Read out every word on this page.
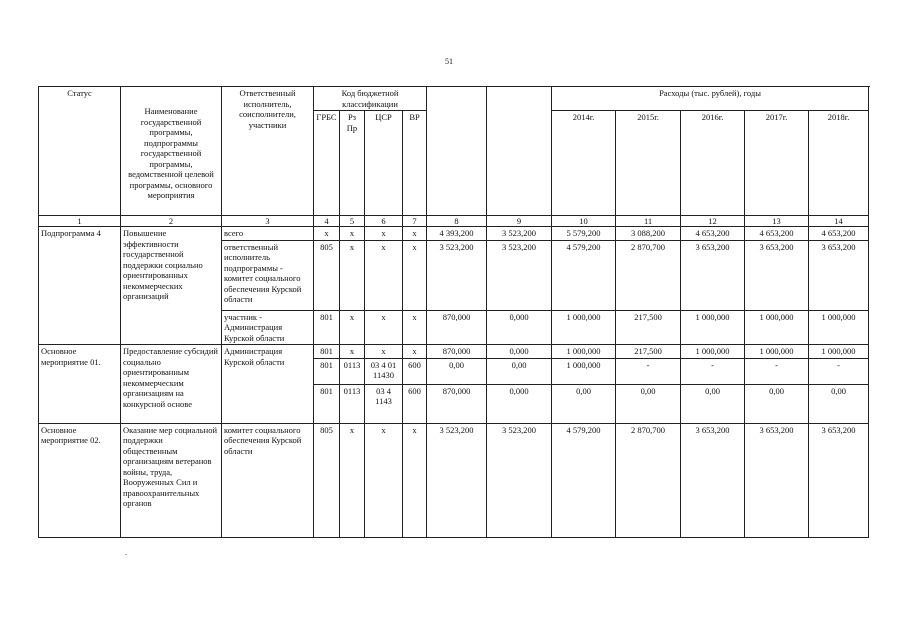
51
Статус	Наименование государственной программы, подпрограммы государственной программы, ведомственной целевой программы, основного мероприятия	Ответственный исполнитель, соисполнители, участники	Код бюджетной классификации						Расходы (тыс. рублей), годы					
			ГРБС	Рз Пр	ЦСР	ВР			2014г.	2015г.	2016г.	2017г.	2018г.		
1	2	3	4	5	6	7	8	9	10	11	12	13	14	
Подпрограмма 4	Повышение эффективности государственной поддержки социально ориентированных некоммерческих организаций	всего	х	х	х	х	4 393,200	3 523,200	5 579,200	3 088,200	4 653,200	4 653,200	4 653,200	
		ответственный исполнитель подпрограммы - комитет социального обеспечения Курской области	805	х	х	х	3 523,200	3 523,200	4 579,200	2 870,700	3 653,200	3 653,200	3 653,200	
		участник - Администрация Курской области	801	х	х	х	870,000	0,000	1 000,000	217,500	1 000,000	1 000,000	1 000,000	
Основное мероприятие 01.	Предоставление субсидий социально ориентированным некоммерческим организациям на конкурсной основе	Администрация Курской области	801	х	х	х	870,000	0,000	1 000,000	217,500	1 000,000	1 000,000	1 000,000	
			801	0113	03 4 01 11430	600	0,00	0,00	1 000,000	-	-	-	-	
			801	0113	03 4 1143	600	870,000	0,000	0,00	0,00	0,00	0,00	0,00	
Основное мероприятие 02.	Оказание мер социальной поддержки общественным организациям ветеранов войны, труда, Вооруженных Сил и правоохранительных органов	комитет социального обеспечения Курской области	805	х	х	х	3 523,200	3 523,200	4 579,200	2 870,700	3 653,200	3 653,200	3 653,200	
.
